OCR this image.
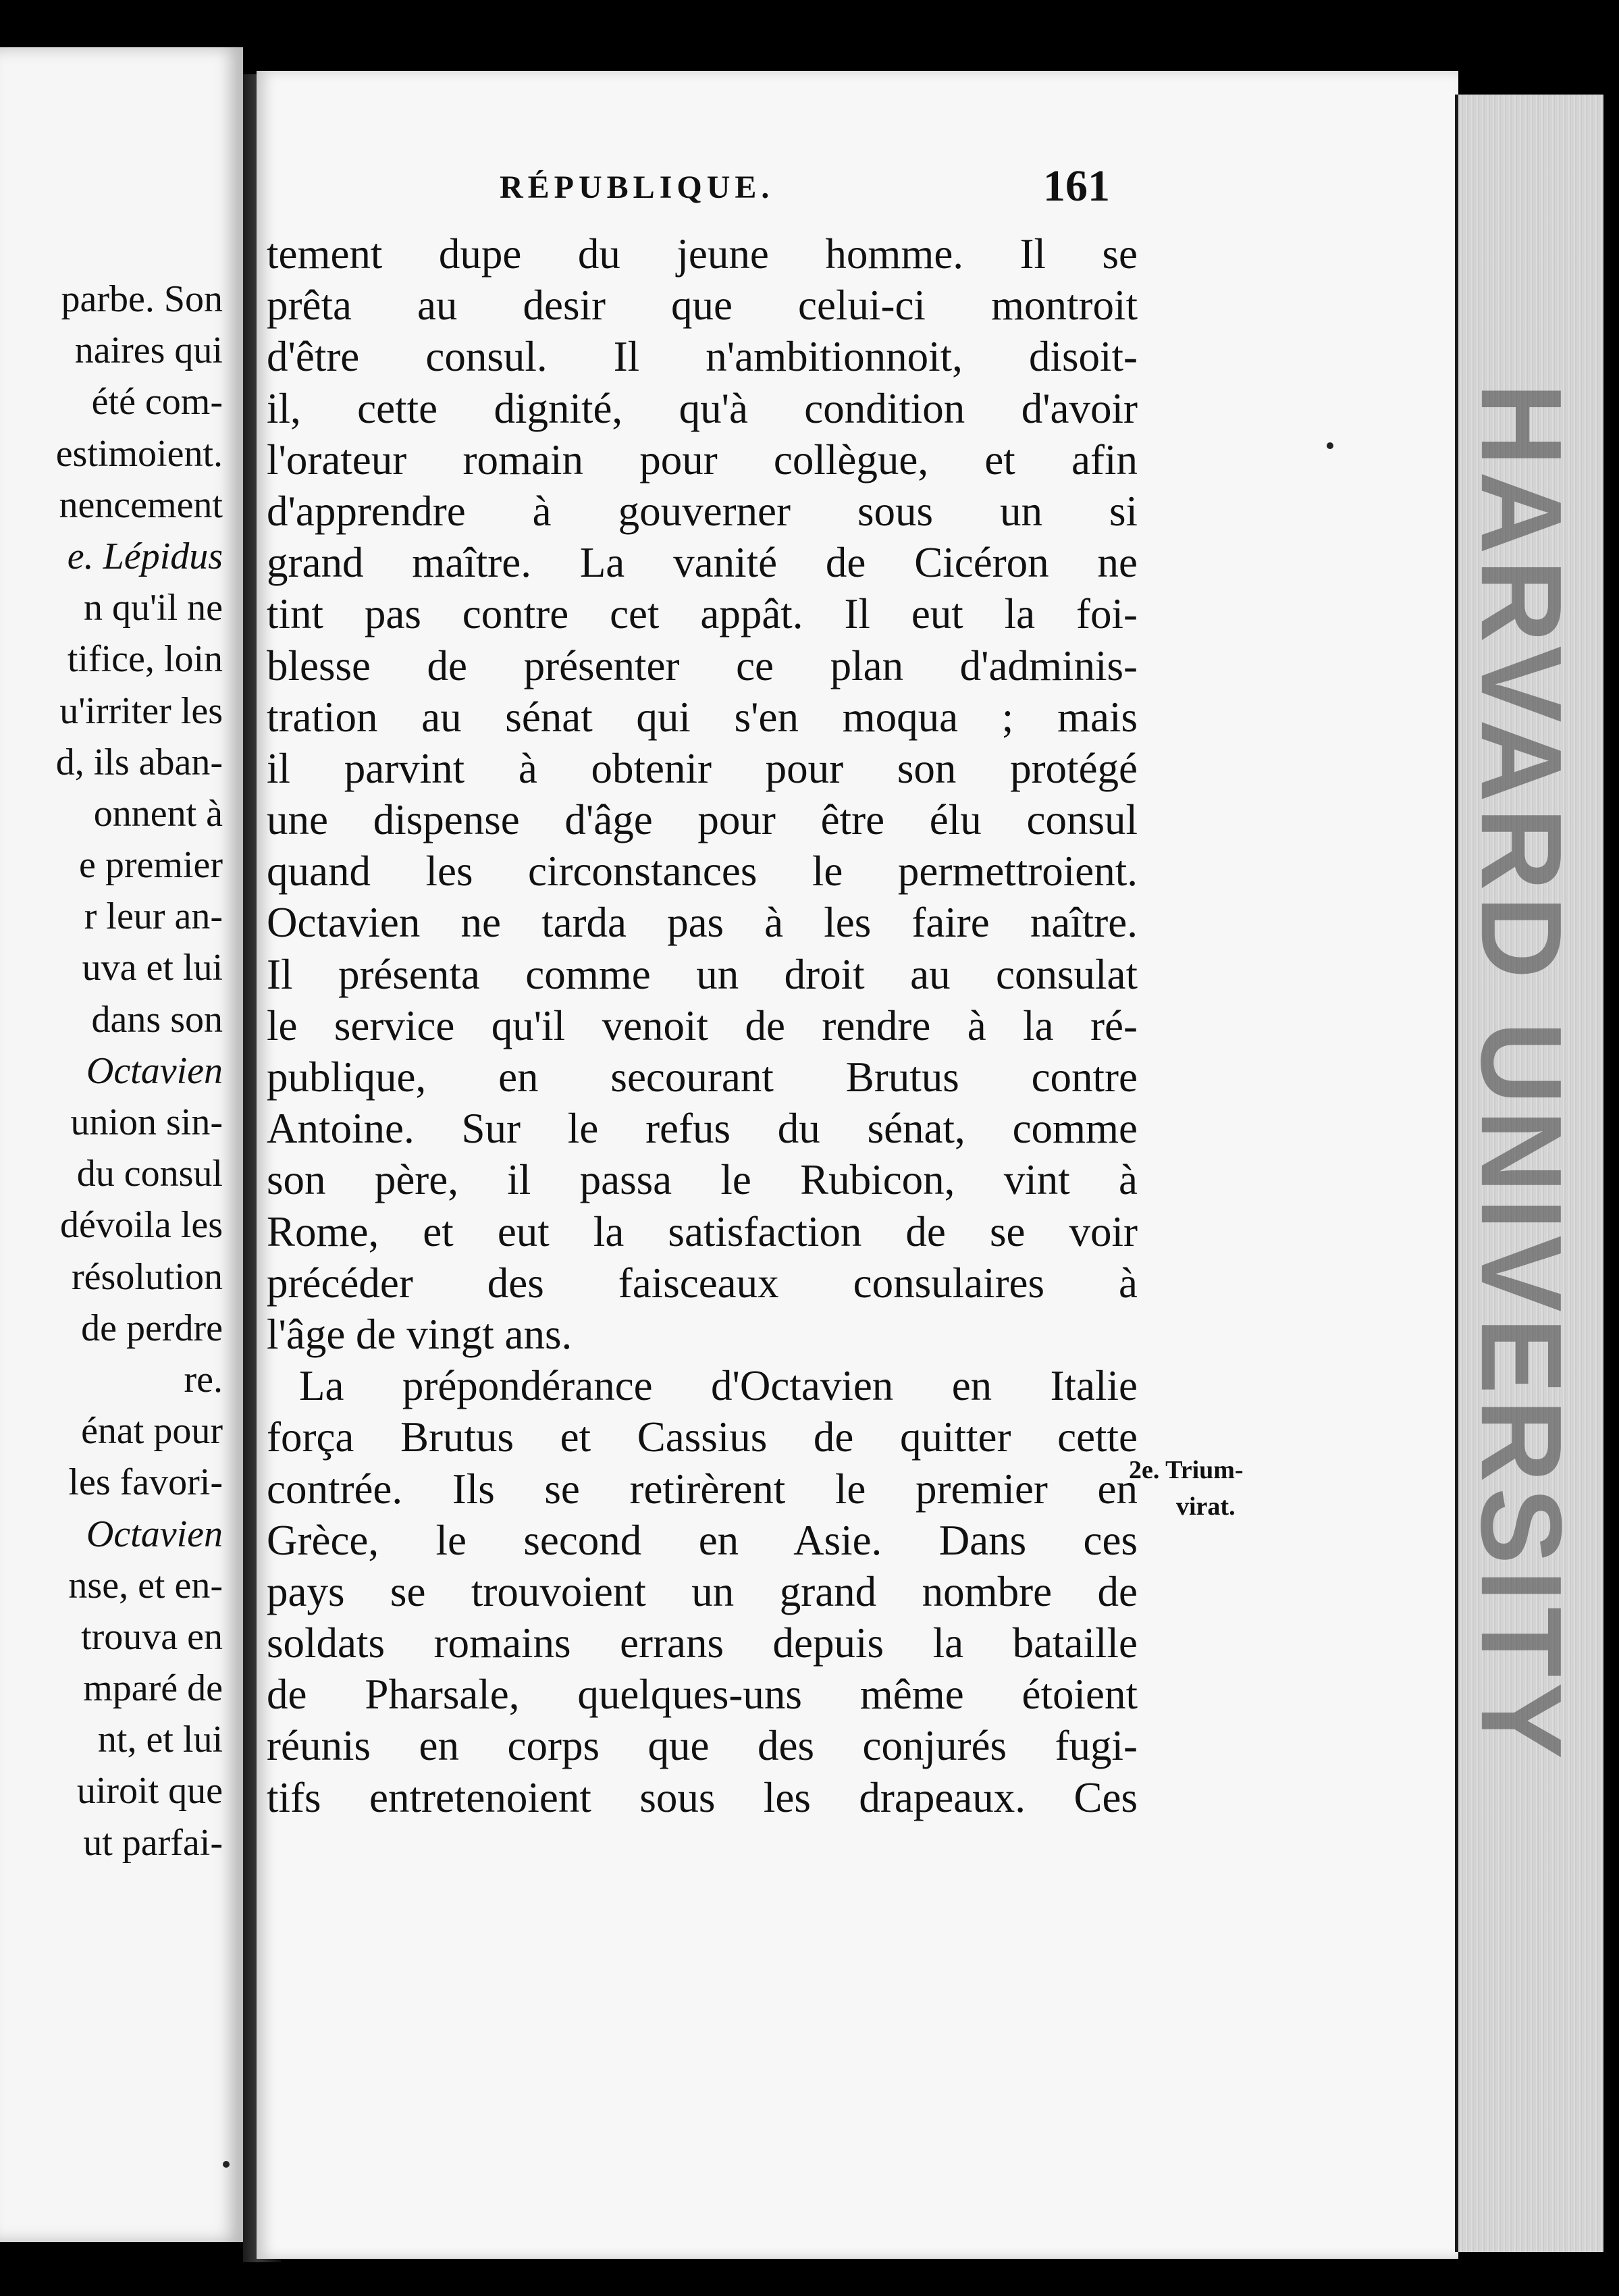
parbe. Son
naires qui
été com-
estimoient.
nencement
e. Lépidus
n qu'il ne
tifice, loin
u'irriter les
d, ils aban-
onnent à
e premier
r leur an-
uva et lui
dans son
Octavien
union sin-
du consul
dévoila les
résolution
de perdre
re.
énat pour
les favori-
Octavien
nse, et en-
trouva en
mparé de
nt, et lui
uiroit que
ut parfai-
HARVARD UNIVERSITY
RÉPUBLIQUE.	161
tement dupe du jeune homme. Il se
prêta au desir que celui-ci montroit
d'être consul. Il n'ambitionnoit, disoit-
il, cette dignité, qu'à condition d'avoir
l'orateur romain pour collègue, et afin
d'apprendre à gouverner sous un si
grand maître. La vanité de Cicéron ne
tint pas contre cet appât. Il eut la foi-
blesse de présenter ce plan d'adminis-
tration au sénat qui s'en moqua ; mais
il parvint à obtenir pour son protégé
une dispense d'âge pour être élu consul
quand les circonstances le permettroient.
Octavien ne tarda pas à les faire naître.
Il présenta comme un droit au consulat
le service qu'il venoit de rendre à la ré-
publique, en secourant Brutus contre
Antoine. Sur le refus du sénat, comme
son père, il passa le Rubicon, vint à
Rome, et eut la satisfaction de se voir
précéder des faisceaux consulaires à
l'âge de vingt ans.
La prépondérance d'Octavien en Italie
força Brutus et Cassius de quitter cette
contrée. Ils se retirèrent le premier en
Grèce, le second en Asie. Dans ces
pays se trouvoient un grand nombre de
soldats romains errans depuis la bataille
de Pharsale, quelques-uns même étoient
réunis en corps que des conjurés fugi-
tifs entretenoient sous les drapeaux. Ces
2e. Trium-
virat.
